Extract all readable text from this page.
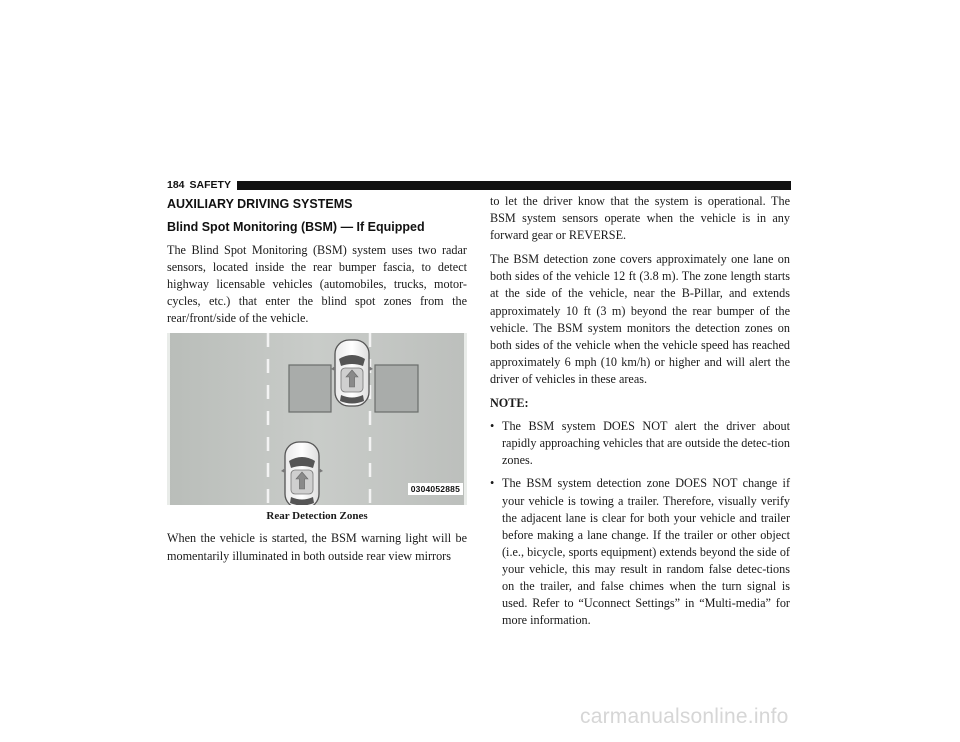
184 SAFETY
AUXILIARY DRIVING SYSTEMS
Blind Spot Monitoring (BSM) — If Equipped

The Blind Spot Monitoring (BSM) system uses two radar sensors, located inside the rear bumper fascia, to detect highway licensable vehicles (automobiles, trucks, motor-cycles, etc.) that enter the blind spot zones from the rear/front/side of the vehicle.

0304052885
Rear Detection Zones

When the vehicle is started, the BSM warning light will be momentarily illuminated in both outside rear view mirrors

to let the driver know that the system is operational. The BSM system sensors operate when the vehicle is in any forward gear or REVERSE.

The BSM detection zone covers approximately one lane on both sides of the vehicle 12 ft (3.8 m). The zone length starts at the side of the vehicle, near the B-Pillar, and extends approximately 10 ft (3 m) beyond the rear bumper of the vehicle. The BSM system monitors the detection zones on both sides of the vehicle when the vehicle speed has reached approximately 6 mph (10 km/h) or higher and will alert the driver of vehicles in these areas.

NOTE:

• The BSM system DOES NOT alert the driver about rapidly approaching vehicles that are outside the detec-tion zones.
• The BSM system detection zone DOES NOT change if your vehicle is towing a trailer. Therefore, visually verify the adjacent lane is clear for both your vehicle and trailer before making a lane change. If the trailer or other object (i.e., bicycle, sports equipment) extends beyond the side of your vehicle, this may result in random false detec-tions on the trailer, and false chimes when the turn signal is used. Refer to “Uconnect Settings” in “Multi-media” for more information.
carmanualsonline.info
